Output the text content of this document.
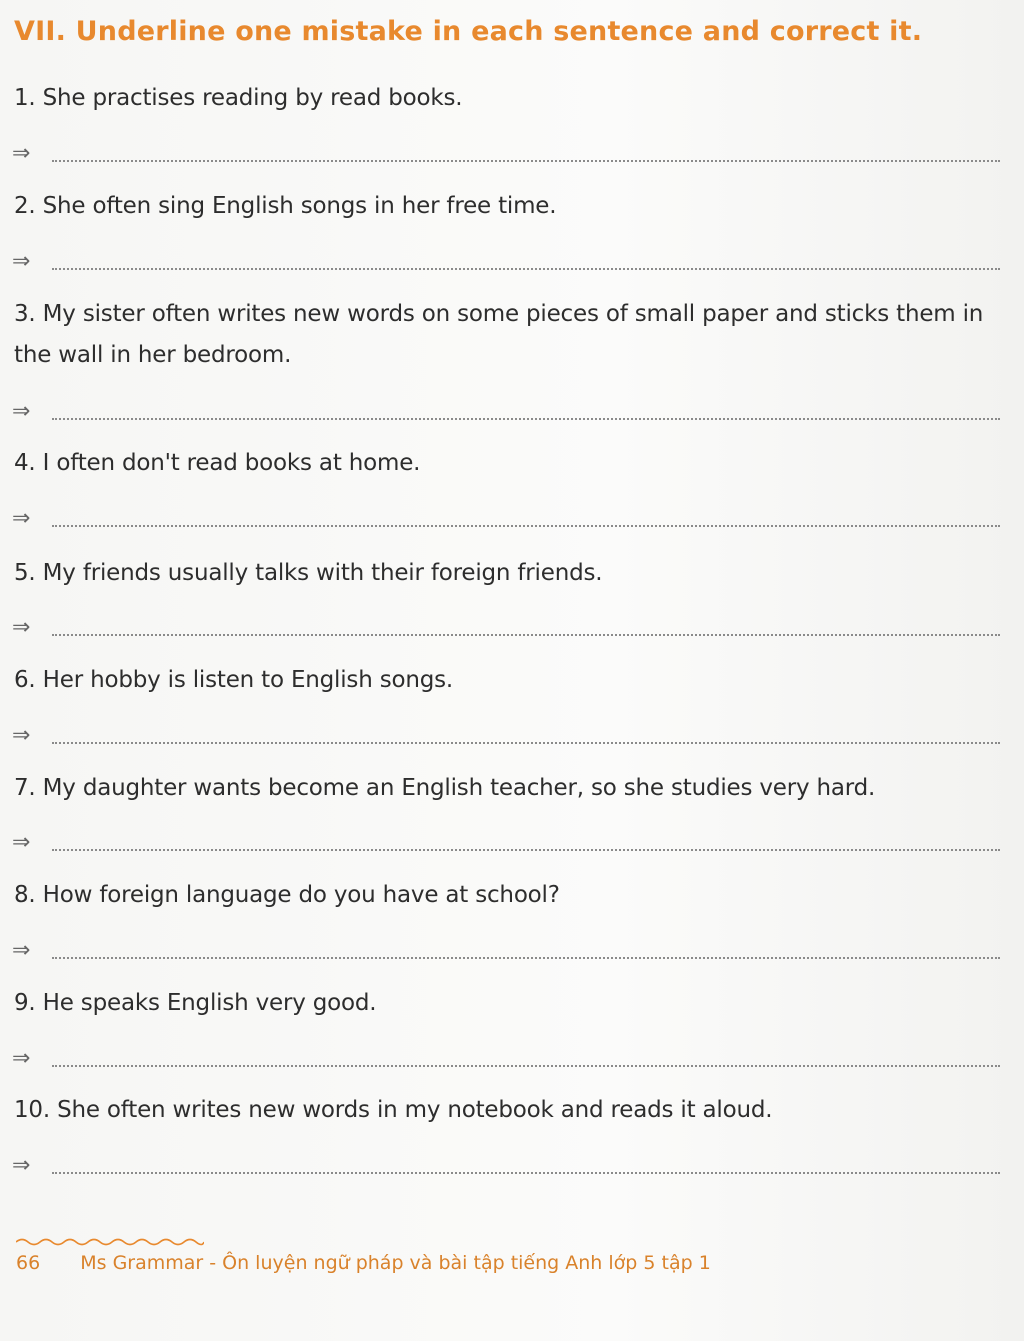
VII. Underline one mistake in each sentence and correct it.
1. She practises reading by read books.
⇒
2. She often sing English songs in her free time.
⇒
3. My sister often writes new words on some pieces of small paper and sticks them in the wall in her bedroom.
⇒
4. I often don't read books at home.
⇒
5. My friends usually talks with their foreign friends.
⇒
6. Her hobby is listen to English songs.
⇒
7. My daughter wants become an English teacher, so she studies very hard.
⇒
8. How foreign language do you have at school?
⇒
9. He speaks English very good.
⇒
10. She often writes new words in my notebook and reads it aloud.
⇒
66 Ms Grammar - Ôn luyện ngữ pháp và bài tập tiếng Anh lớp 5 tập 1
